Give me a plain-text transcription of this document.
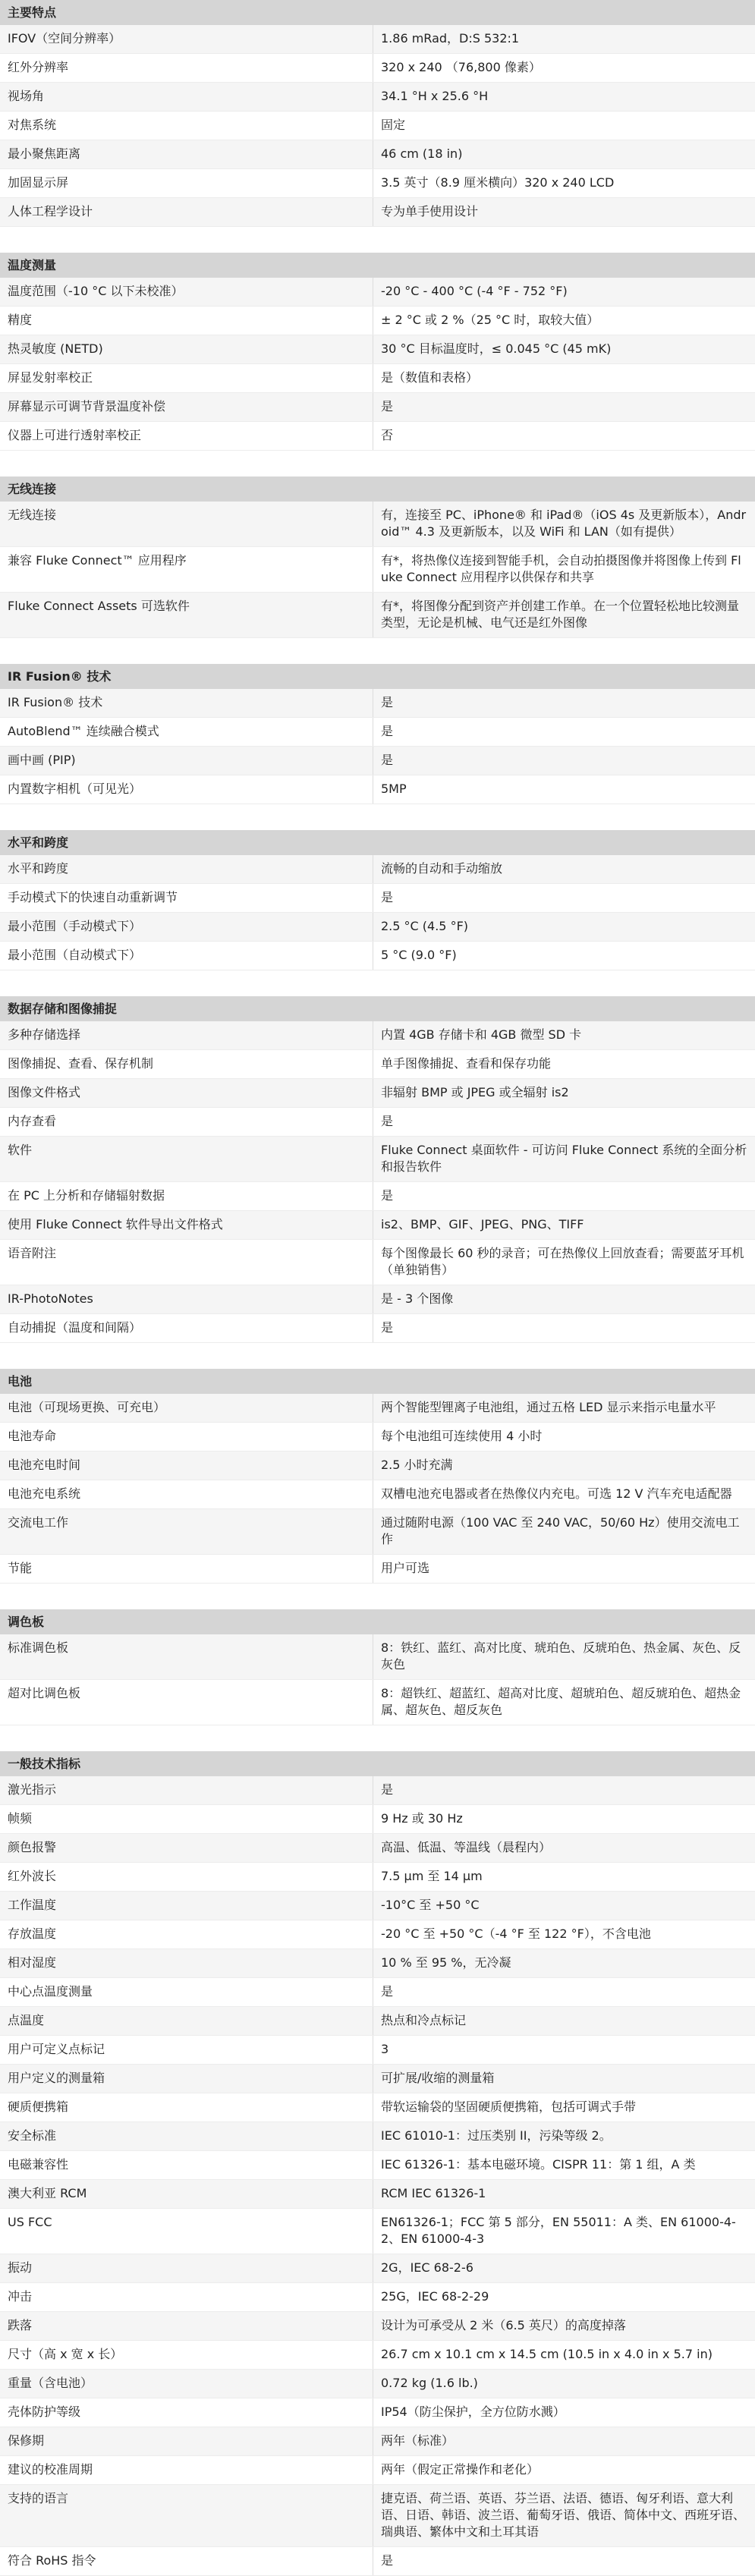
主要特点
IFOV（空间分辨率）	1.86 mRad，D:S 532:1
红外分辨率	320 x 240 （76,800 像素）
视场角	34.1 °H x 25.6 °H
对焦系统	固定
最小聚焦距离	46 cm (18 in)
加固显示屏	3.5 英寸（8.9 厘米横向）320 x 240 LCD
人体工程学设计	专为单手使用设计
温度测量
温度范围（-10 °C 以下未校准）	-20 °C - 400 °C (-4 °F - 752 °F)
精度	± 2 °C 或 2 %（25 °C 时，取较大值）
热灵敏度 (NETD)	30 °C 目标温度时，≤ 0.045 °C (45 mK)
屏显发射率校正	是（数值和表格）
屏幕显示可调节背景温度补偿	是
仪器上可进行透射率校正	否
无线连接
无线连接	有，连接至 PC、iPhone® 和 iPad®（iOS 4s 及更新版本），Android™ 4.3 及更新版本，以及 WiFi 和 LAN（如有提供）
兼容 Fluke Connect™ 应用程序	有*，将热像仪连接到智能手机，会自动拍摄图像并将图像上传到 Fluke Connect 应用程序以供保存和共享
Fluke Connect Assets 可选软件	有*，将图像分配到资产并创建工作单。在一个位置轻松地比较测量类型，无论是机械、电气还是红外图像
IR Fusion® 技术
IR Fusion® 技术	是
AutoBlend™ 连续融合模式	是
画中画 (PIP)	是
内置数字相机（可见光）	5MP
水平和跨度
水平和跨度	流畅的自动和手动缩放
手动模式下的快速自动重新调节	是
最小范围（手动模式下）	2.5 °C (4.5 °F)
最小范围（自动模式下）	5 °C (9.0 °F)
数据存储和图像捕捉
多种存储选择	内置 4GB 存储卡和 4GB 微型 SD 卡
图像捕捉、查看、保存机制	单手图像捕捉、查看和保存功能
图像文件格式	非辐射 BMP 或 JPEG 或全辐射 is2
内存查看	是
软件	Fluke Connect 桌面软件 - 可访问 Fluke Connect 系统的全面分析和报告软件
在 PC 上分析和存储辐射数据	是
使用 Fluke Connect 软件导出文件格式	is2、BMP、GIF、JPEG、PNG、TIFF
语音附注	每个图像最长 60 秒的录音；可在热像仪上回放查看；需要蓝牙耳机（单独销售）
IR-PhotoNotes	是 - 3 个图像
自动捕捉（温度和间隔）	是
电池
电池（可现场更换、可充电）	两个智能型锂离子电池组，通过五格 LED 显示来指示电量水平
电池寿命	每个电池组可连续使用 4 小时
电池充电时间	2.5 小时充满
电池充电系统	双槽电池充电器或者在热像仪内充电。可选 12 V 汽车充电适配器
交流电工作	通过随附电源（100 VAC 至 240 VAC，50/60 Hz）使用交流电工作
节能	用户可选
调色板
标准调色板	8：铁红、蓝红、高对比度、琥珀色、反琥珀色、热金属、灰色、反灰色
超对比调色板	8：超铁红、超蓝红、超高对比度、超琥珀色、超反琥珀色、超热金属、超灰色、超反灰色
一般技术指标
激光指示	是
帧频	9 Hz 或 30 Hz
颜色报警	高温、低温、等温线（晨程内）
红外波长	7.5 μm 至 14 μm
工作温度	-10°C 至 +50 °C
存放温度	-20 °C 至 +50 °C（-4 °F 至 122 °F），不含电池
相对湿度	10 % 至 95 %，无冷凝
中心点温度测量	是
点温度	热点和冷点标记
用户可定义点标记	3
用户定义的测量箱	可扩展/收缩的测量箱
硬质便携箱	带软运输袋的坚固硬质便携箱，包括可调式手带
安全标准	IEC 61010-1：过压类别 II，污染等级 2。
电磁兼容性	IEC 61326-1：基本电磁环境。CISPR 11：第 1 组，A 类
澳大利亚 RCM	RCM IEC 61326-1
US FCC	EN61326-1；FCC 第 5 部分，EN 55011：A 类、EN 61000-4-2、EN 61000-4-3
振动	2G，IEC 68-2-6
冲击	25G，IEC 68-2-29
跌落	设计为可承受从 2 米（6.5 英尺）的高度掉落
尺寸（高 x 宽 x 长）	26.7 cm x 10.1 cm x 14.5 cm (10.5 in x 4.0 in x 5.7 in)
重量（含电池）	0.72 kg (1.6 lb.)
壳体防护等级	IP54（防尘保护，全方位防水溅）
保修期	两年（标准）
建议的校准周期	两年（假定正常操作和老化）
支持的语言	捷克语、荷兰语、英语、芬兰语、法语、德语、匈牙利语、意大利语、日语、韩语、波兰语、葡萄牙语、俄语、简体中文、西班牙语、瑞典语、繁体中文和土耳其语
符合 RoHS 指令	是
